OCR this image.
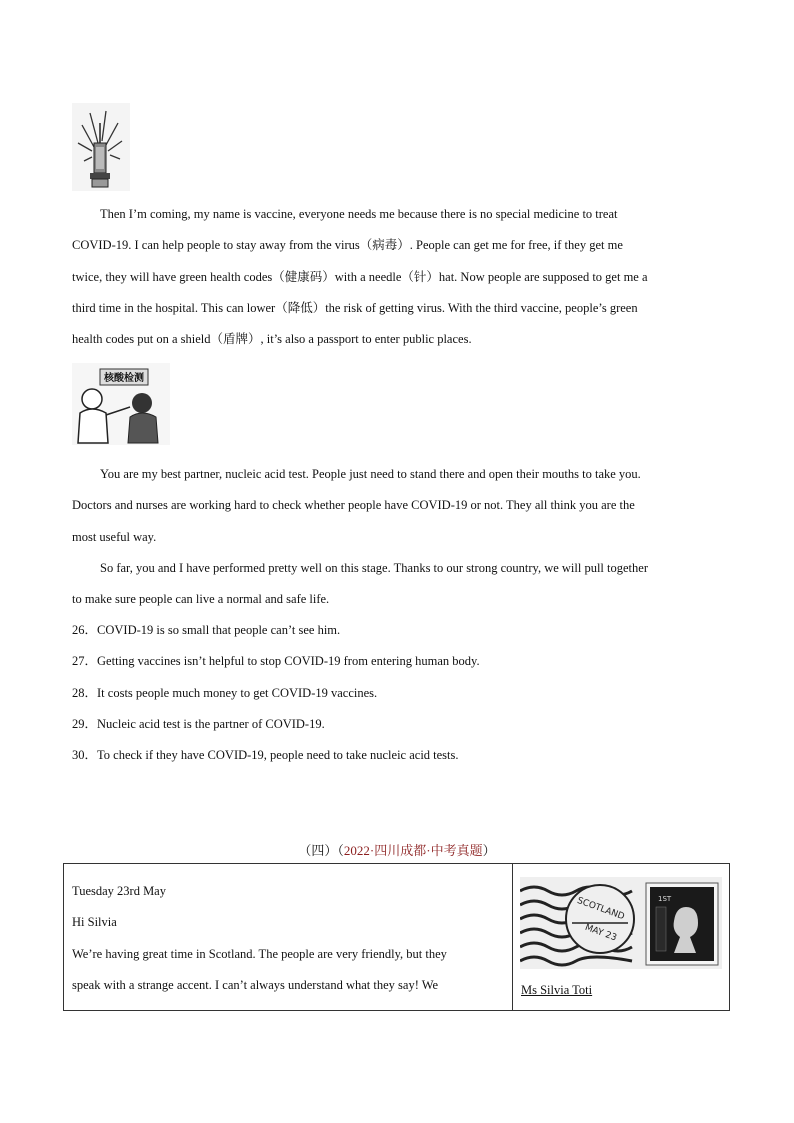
Then I’m coming, my name is vaccine, everyone needs me because there is no special medicine to treat
COVID-19. I can help people to stay away from the virus（病毒）. People can get me for free, if they get me
twice, they will have green health codes（健康码）with a needle（针）hat. Now people are supposed to get me a
third time in the hospital. This can lower（降低）the risk of getting virus. With the third vaccine, people’s green
health codes put on a shield（盾牌）, it’s also a passport to enter public places.
核酸检测
You are my best partner, nucleic acid test. People just need to stand there and open their mouths to take you.
Doctors and nurses are working hard to check whether people have COVID-19 or not. They all think you are the
most useful way.
So far, you and I have performed pretty well on this stage. Thanks to our strong country, we will pull together
to make sure people can live a normal and safe life.
26．COVID-19 is so small that people can’t see him.
27．Getting vaccines isn’t helpful to stop COVID-19 from entering human body.
28．It costs people much money to get COVID-19 vaccines.
29．Nucleic acid test is the partner of COVID-19.
30．To check if they have COVID-19, people need to take nucleic acid tests.
（四）（2022·四川成都·中考真题）
Tuesday 23rd May
Hi Silvia
We’re having great time in Scotland. The people are very friendly, but they
speak with a strange accent. I can’t always understand what they say! We

SCOTLAND
MAY 23
1ST
Ms Silvia Toti
